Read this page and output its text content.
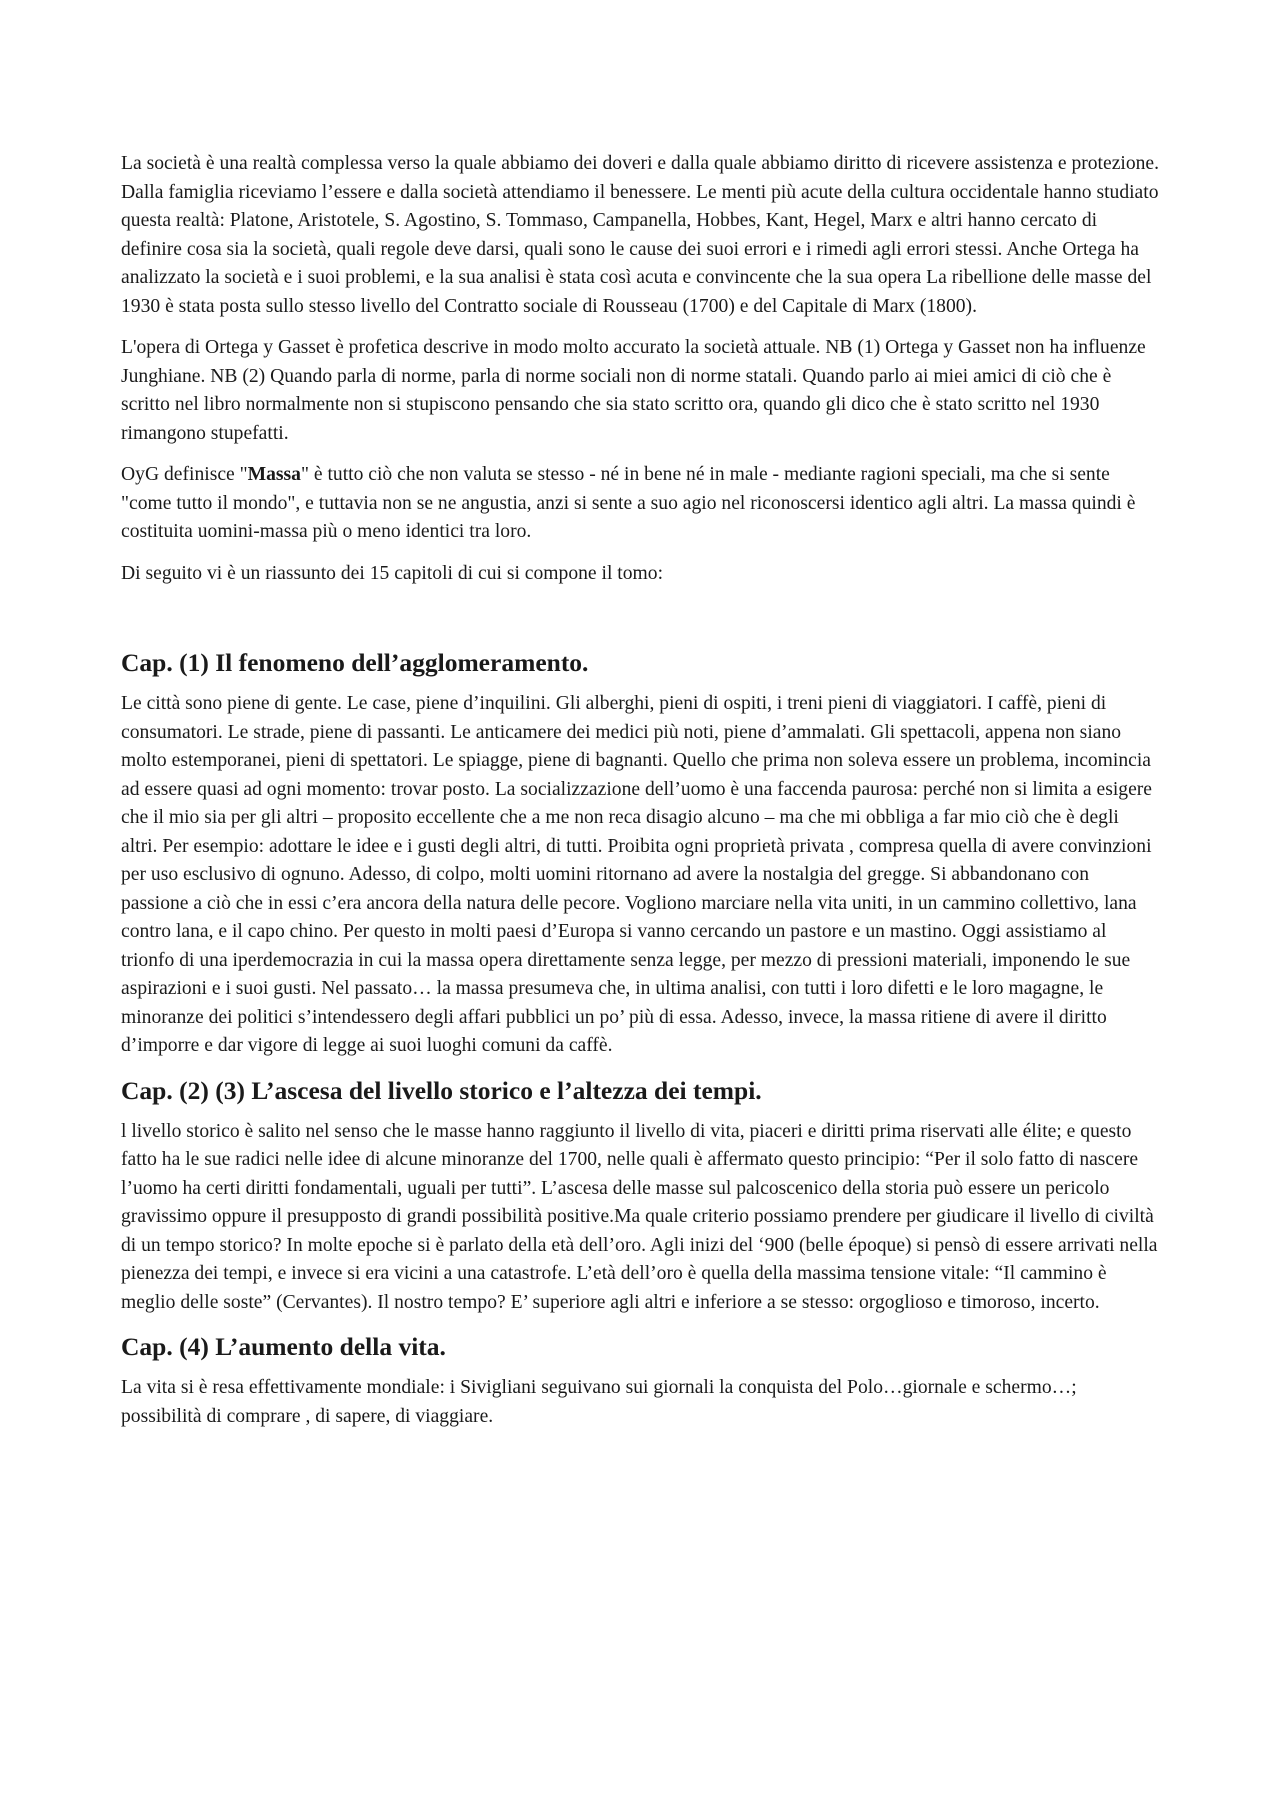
La società è una realtà complessa verso la quale abbiamo dei doveri e dalla quale abbiamo diritto di ricevere assistenza e protezione. Dalla famiglia riceviamo l’essere e dalla società attendiamo il benessere. Le menti più acute della cultura occidentale hanno studiato questa realtà: Platone, Aristotele, S. Agostino, S. Tommaso, Campanella, Hobbes, Kant, Hegel, Marx e altri hanno cercato di definire cosa sia la società, quali regole deve darsi, quali sono le cause dei suoi errori e i rimedi agli errori stessi. Anche Ortega ha analizzato la società e i suoi problemi, e la sua analisi è stata così acuta e convincente che la sua opera La ribellione delle masse del 1930 è stata posta sullo stesso livello del Contratto sociale di Rousseau (1700) e del Capitale di Marx (1800).

L'opera di Ortega y Gasset è profetica descrive in modo molto accurato la società attuale. NB (1) Ortega y Gasset non ha influenze Junghiane. NB (2) Quando parla di norme, parla di norme sociali non di norme statali. Quando parlo ai miei amici di ciò che è scritto nel libro normalmente non si stupiscono pensando che sia stato scritto ora, quando gli dico che è stato scritto nel 1930 rimangono stupefatti.

OyG definisce "Massa" è tutto ciò che non valuta se stesso - né in bene né in male - mediante ragioni speciali, ma che si sente "come tutto il mondo", e tuttavia non se ne angustia, anzi si sente a suo agio nel riconoscersi identico agli altri. La massa quindi è costituita uomini-massa più o meno identici tra loro.

Di seguito vi è un riassunto dei 15 capitoli di cui si compone il tomo:

Cap. (1) Il fenomeno dell’agglomeramento.

Le città sono piene di gente. Le case, piene d’inquilini. Gli alberghi, pieni di ospiti, i treni pieni di viaggiatori. I caffè, pieni di consumatori. Le strade, piene di passanti. Le anticamere dei medici più noti, piene d’ammalati. Gli spettacoli, appena non siano molto estemporanei, pieni di spettatori. Le spiagge, piene di bagnanti. Quello che prima non soleva essere un problema, incomincia ad essere quasi ad ogni momento: trovar posto. La socializzazione dell’uomo è una faccenda paurosa: perché non si limita a esigere che il mio sia per gli altri – proposito eccellente che a me non reca disagio alcuno – ma che mi obbliga a far mio ciò che è degli altri. Per esempio: adottare le idee e i gusti degli altri, di tutti. Proibita ogni proprietà privata , compresa quella di avere convinzioni per uso esclusivo di ognuno. Adesso, di colpo, molti uomini ritornano ad avere la nostalgia del gregge. Si abbandonano con passione a ciò che in essi c’era ancora della natura delle pecore. Vogliono marciare nella vita uniti, in un cammino collettivo, lana contro lana, e il capo chino. Per questo in molti paesi d’Europa si vanno cercando un pastore e un mastino. Oggi assistiamo al trionfo di una iperdemocrazia in cui la massa opera direttamente senza legge, per mezzo di pressioni materiali, imponendo le sue aspirazioni e i suoi gusti. Nel passato… la massa presumeva che, in ultima analisi, con tutti i loro difetti e le loro magagne, le minoranze dei politici s’intendessero degli affari pubblici un po’ più di essa. Adesso, invece, la massa ritiene di avere il diritto d’imporre e dar vigore di legge ai suoi luoghi comuni da caffè.

Cap. (2) (3) L’ascesa del livello storico e l’altezza dei tempi.

l livello storico è salito nel senso che le masse hanno raggiunto il livello di vita, piaceri e diritti prima riservati alle élite; e questo fatto ha le sue radici nelle idee di alcune minoranze del 1700, nelle quali è affermato questo principio: “Per il solo fatto di nascere l’uomo ha certi diritti fondamentali, uguali per tutti”. L’ascesa delle masse sul palcoscenico della storia può essere un pericolo gravissimo oppure il presupposto di grandi possibilità positive.Ma quale criterio possiamo prendere per giudicare il livello di civiltà di un tempo storico? In molte epoche si è parlato della età dell’oro. Agli inizi del ‘900 (belle époque) si pensò di essere arrivati nella pienezza dei tempi, e invece si era vicini a una catastrofe. L’età dell’oro è quella della massima tensione vitale: “Il cammino è meglio delle soste” (Cervantes). Il nostro tempo? E’ superiore agli altri e inferiore a se stesso: orgoglioso e timoroso, incerto.

Cap. (4) L’aumento della vita.

La vita si è resa effettivamente mondiale: i Sivigliani seguivano sui giornali la conquista del Polo…giornale e schermo…; possibilità di comprare , di sapere, di viaggiare.
